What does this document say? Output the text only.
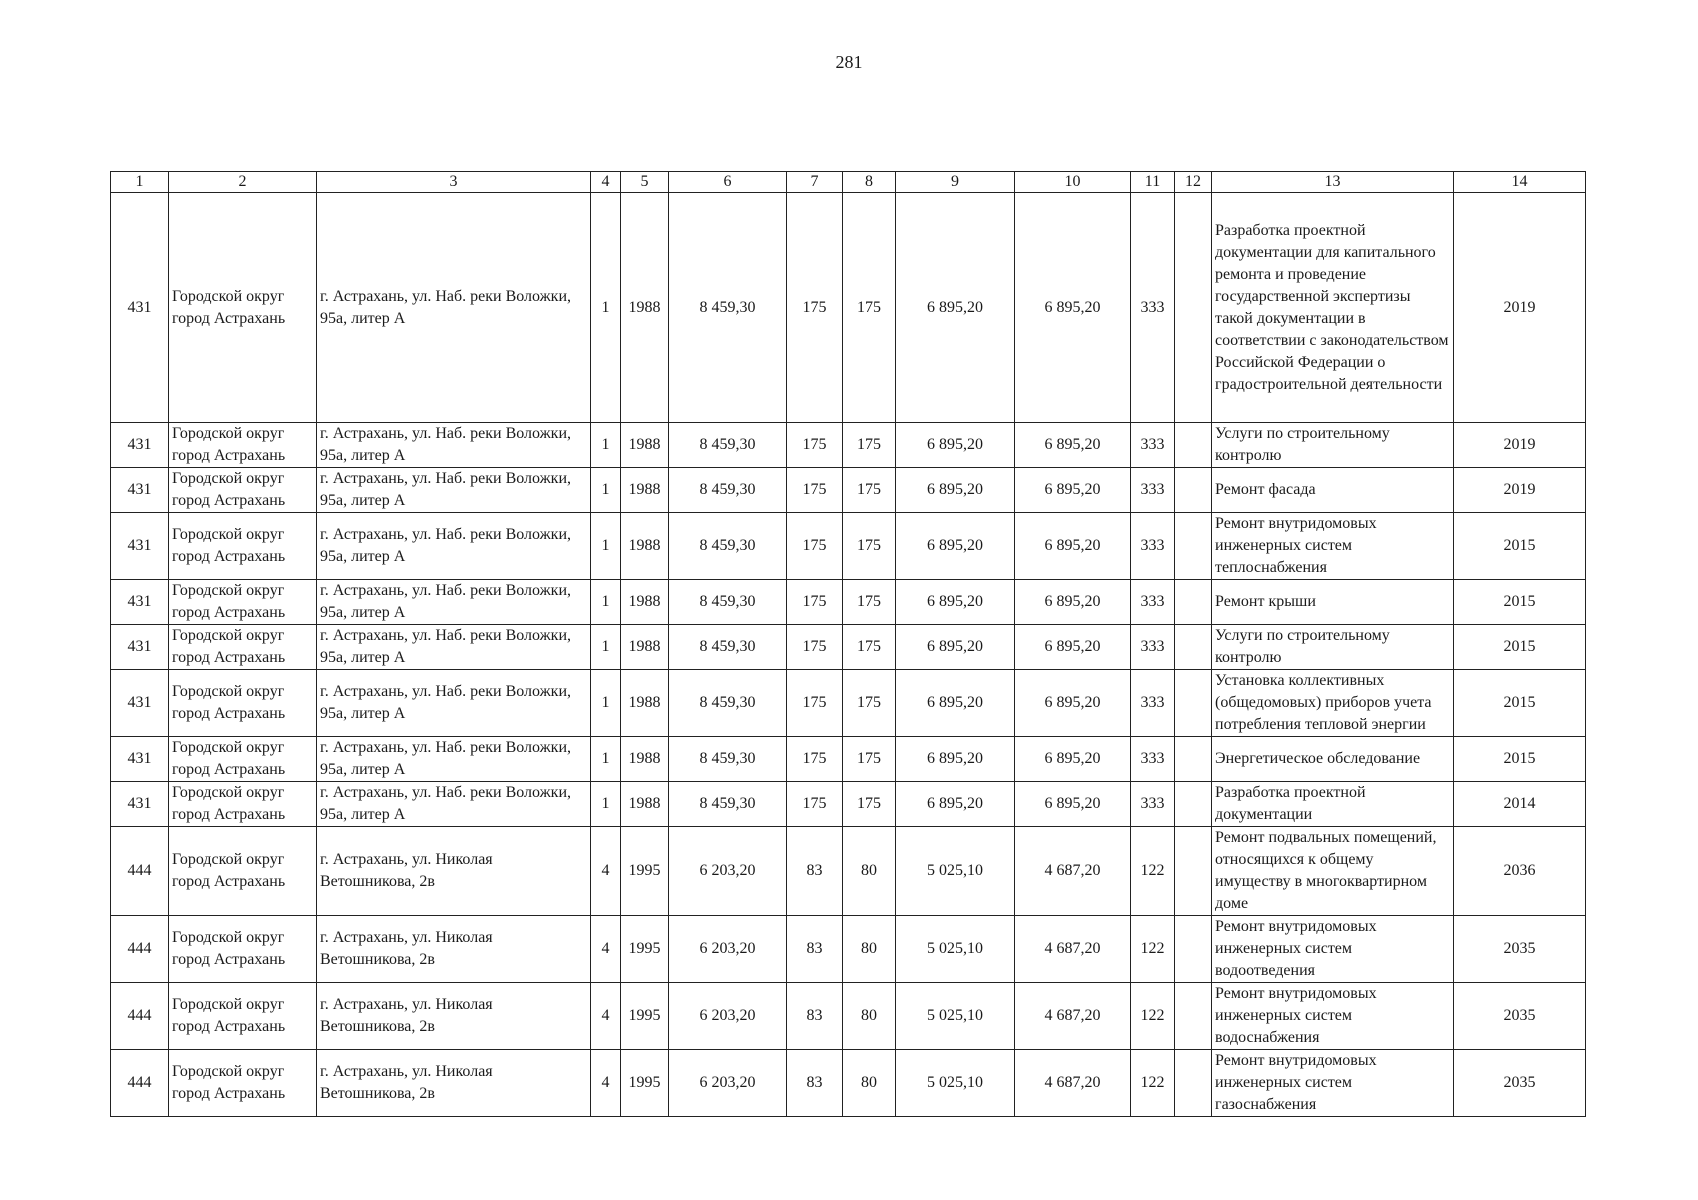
281
1	2	3	4	5	6	7	8	9	10	11	12	13	14
431	Городской округ город Астрахань	г. Астрахань, ул. Наб. реки Воложки, 95а, литер А	1	1988	8 459,30	175	175	6 895,20	6 895,20	333		Разработка проектной документации для капитального ремонта и проведение государственной экспертизы такой документации в соответствии с законодательством Российской Федерации о градостроительной деятельности	2019
431	Городской округ город Астрахань	г. Астрахань, ул. Наб. реки Воложки, 95а, литер А	1	1988	8 459,30	175	175	6 895,20	6 895,20	333		Услуги по строительному контролю	2019
431	Городской округ город Астрахань	г. Астрахань, ул. Наб. реки Воложки, 95а, литер А	1	1988	8 459,30	175	175	6 895,20	6 895,20	333		Ремонт фасада	2019
431	Городской округ город Астрахань	г. Астрахань, ул. Наб. реки Воложки, 95а, литер А	1	1988	8 459,30	175	175	6 895,20	6 895,20	333		Ремонт внутридомовых инженерных систем теплоснабжения	2015
431	Городской округ город Астрахань	г. Астрахань, ул. Наб. реки Воложки, 95а, литер А	1	1988	8 459,30	175	175	6 895,20	6 895,20	333		Ремонт крыши	2015
431	Городской округ город Астрахань	г. Астрахань, ул. Наб. реки Воложки, 95а, литер А	1	1988	8 459,30	175	175	6 895,20	6 895,20	333		Услуги по строительному контролю	2015
431	Городской округ город Астрахань	г. Астрахань, ул. Наб. реки Воложки, 95а, литер А	1	1988	8 459,30	175	175	6 895,20	6 895,20	333		Установка коллективных (общедомовых) приборов учета потребления тепловой энергии	2015
431	Городской округ город Астрахань	г. Астрахань, ул. Наб. реки Воложки, 95а, литер А	1	1988	8 459,30	175	175	6 895,20	6 895,20	333		Энергетическое обследование	2015
431	Городской округ город Астрахань	г. Астрахань, ул. Наб. реки Воложки, 95а, литер А	1	1988	8 459,30	175	175	6 895,20	6 895,20	333		Разработка проектной документации	2014
444	Городской округ город Астрахань	г. Астрахань, ул. Николая Ветошникова, 2в	4	1995	6 203,20	83	80	5 025,10	4 687,20	122		Ремонт подвальных помещений, относящихся к общему имуществу в многоквартирном доме	2036
444	Городской округ город Астрахань	г. Астрахань, ул. Николая Ветошникова, 2в	4	1995	6 203,20	83	80	5 025,10	4 687,20	122		Ремонт внутридомовых инженерных систем водоотведения	2035
444	Городской округ город Астрахань	г. Астрахань, ул. Николая Ветошникова, 2в	4	1995	6 203,20	83	80	5 025,10	4 687,20	122		Ремонт внутридомовых инженерных систем водоснабжения	2035
444	Городской округ город Астрахань	г. Астрахань, ул. Николая Ветошникова, 2в	4	1995	6 203,20	83	80	5 025,10	4 687,20	122		Ремонт внутридомовых инженерных систем газоснабжения	2035
